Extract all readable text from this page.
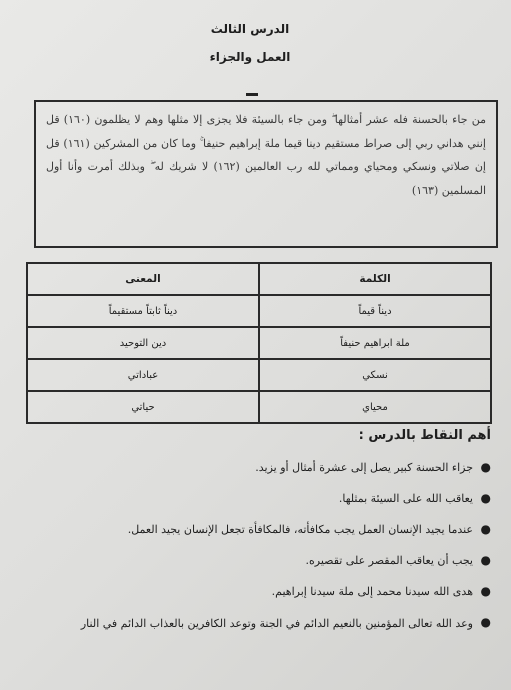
الدرس الثالث
العمل والجزاء
من جاء بالحسنة فله عشر أمثالها ۖ ومن جاء بالسيئة فلا يجزى إلا مثلها وهم لا يظلمون (١٦٠) قل إنني هداني ربي إلى صراط مستقيم دينا قيما ملة إبراهيم حنيفا ۚ وما كان من المشركين (١٦١) قل إن صلاتي ونسكي ومحياي ومماتي لله رب العالمين (١٦٢) لا شريك له ۖ وبذلك أمرت وأنا أول المسلمين (١٦٣)
الكلمة	المعنى
ديناً قيماً	ديناً ثابتاً مستقيماً
ملة ابراهيم حنيفاً	دين التوحيد
نسكي	عباداتي
محياي	حياتي
أهم النقاط بالدرس :
●
جزاء الحسنة كبير يصل إلى عشرة أمثال أو يزيد.
●
يعاقب الله على السيئة بمثلها.
●
عندما يجيد الإنسان العمل يجب مكافأته، فالمكافأة تجعل الإنسان يجيد العمل.
●
يجب أن يعاقب المقصر على تقصيره.
●
هدى الله سيدنا محمد إلى ملة سيدنا إبراهيم.
●
وعد الله تعالى المؤمنين بالنعيم الدائم في الجنة وتوعد الكافرين بالعذاب الدائم في النار
